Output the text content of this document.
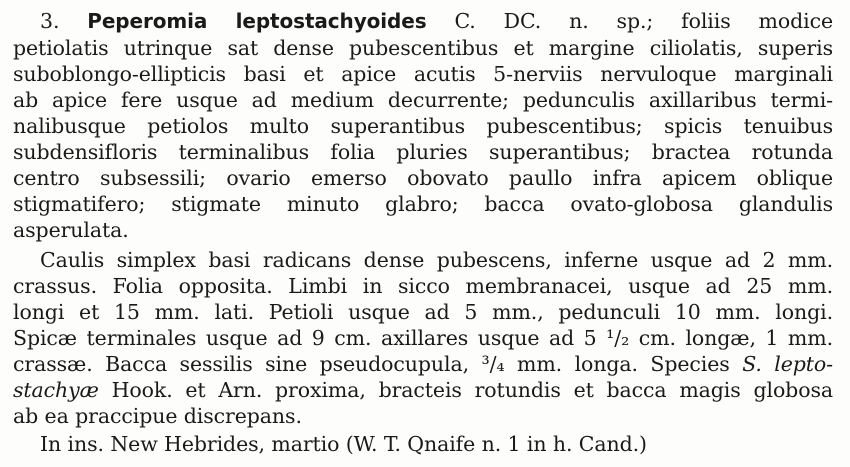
3. Peperomia leptostachyoides C. DC. n. sp.; foliis modice
petiolatis utrinque sat dense pubescentibus et margine ciliolatis, superis
suboblongo-ellipticis basi et apice acutis 5-nerviis nervuloque marginali
ab apice fere usque ad medium decurrente; pedunculis axillaribus termi-
nalibusque petiolos multo superantibus pubescentibus; spicis tenuibus
subdensifloris terminalibus folia pluries superantibus; bractea rotunda
centro subsessili; ovario emerso obovato paullo infra apicem oblique
stigmatifero; stigmate minuto glabro; bacca ovato-globosa glandulis
asperulata.
Caulis simplex basi radicans dense pubescens, inferne usque ad 2 mm.
crassus. Folia opposita. Limbi in sicco membranacei, usque ad 25 mm.
longi et 15 mm. lati. Petioli usque ad 5 mm., pedunculi 10 mm. longi.
Spicæ terminales usque ad 9 cm. axillares usque ad 5 ¹/₂ cm. longæ, 1 mm.
crassæ. Bacca sessilis sine pseudocupula, ³/₄ mm. longa. Species S. lepto-
stachyæ Hook. et Arn. proxima, bracteis rotundis et bacca magis globosa
ab ea praccipue discrepans.
In ins. New Hebrides, martio (W. T. Qnaife n. 1 in h. Cand.)
